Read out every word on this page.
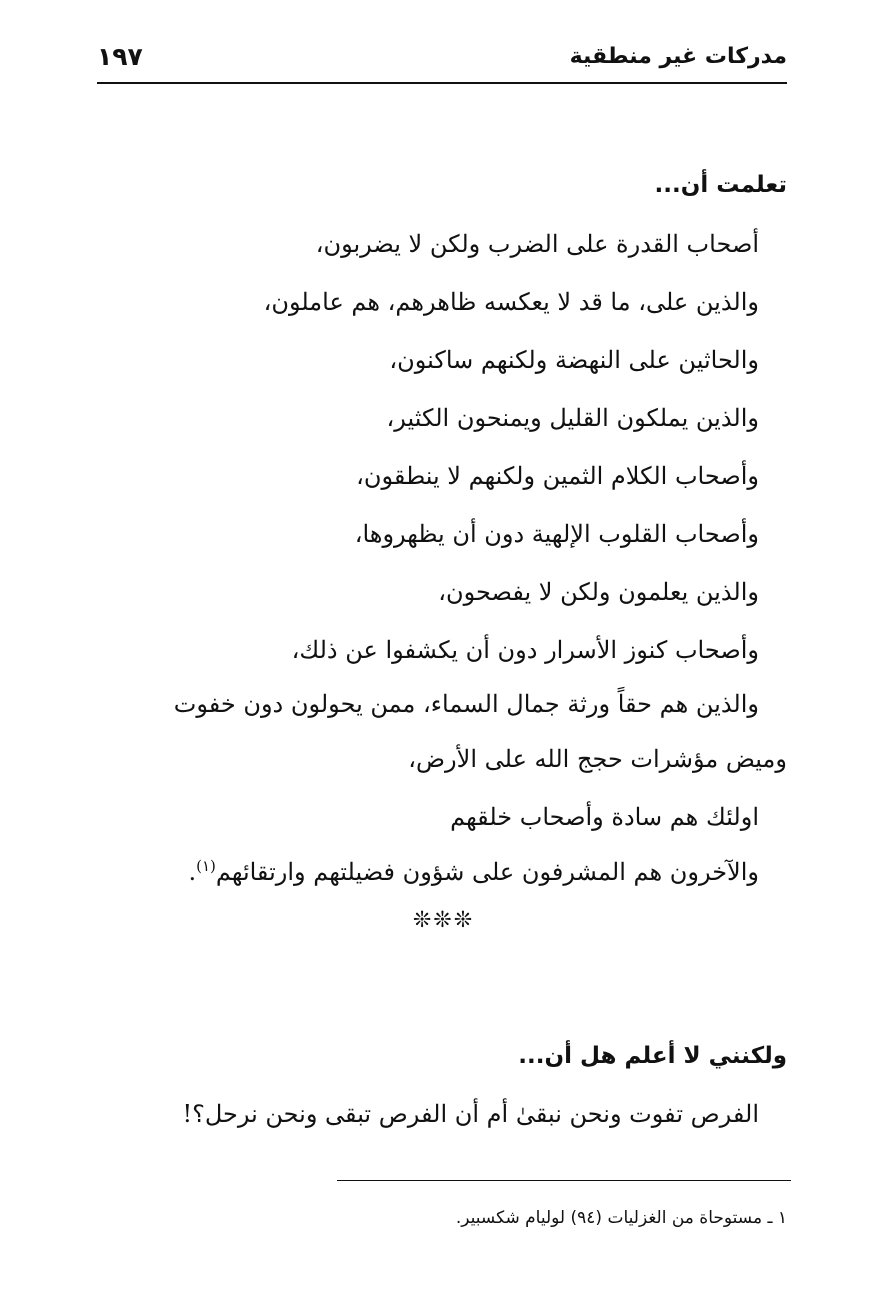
مدركات غير منطقية
١٩٧
تعلمت أن...
أصحاب القدرة على الضرب ولكن لا يضربون،
والذين على، ما قد لا يعكسه ظاهرهم، هم عاملون،
والحاثين على النهضة ولكنهم ساكنون،
والذين يملكون القليل ويمنحون الكثير،
وأصحاب الكلام الثمين ولكنهم لا ينطقون،
وأصحاب القلوب الإلهية دون أن يظهروها،
والذين يعلمون ولكن لا يفصحون،
وأصحاب كنوز الأسرار دون أن يكشفوا عن ذلك،
والذين هم حقاً ورثة جمال السماء، ممن يحولون دون خفوت
وميض مؤشرات حجج الله على الأرض،
اولئك هم سادة وأصحاب خلقهم
والآخرون هم المشرفون على شؤون فضيلتهم وارتقائهم$^{(١)}$.
❊❊❊
ولكنني لا أعلم هل أن...
الفرص تفوت ونحن نبقىٰ أم أن الفرص تبقى ونحن نرحل؟!
١ ـ مستوحاة من الغزليات (٩٤) لوليام شكسبير.
